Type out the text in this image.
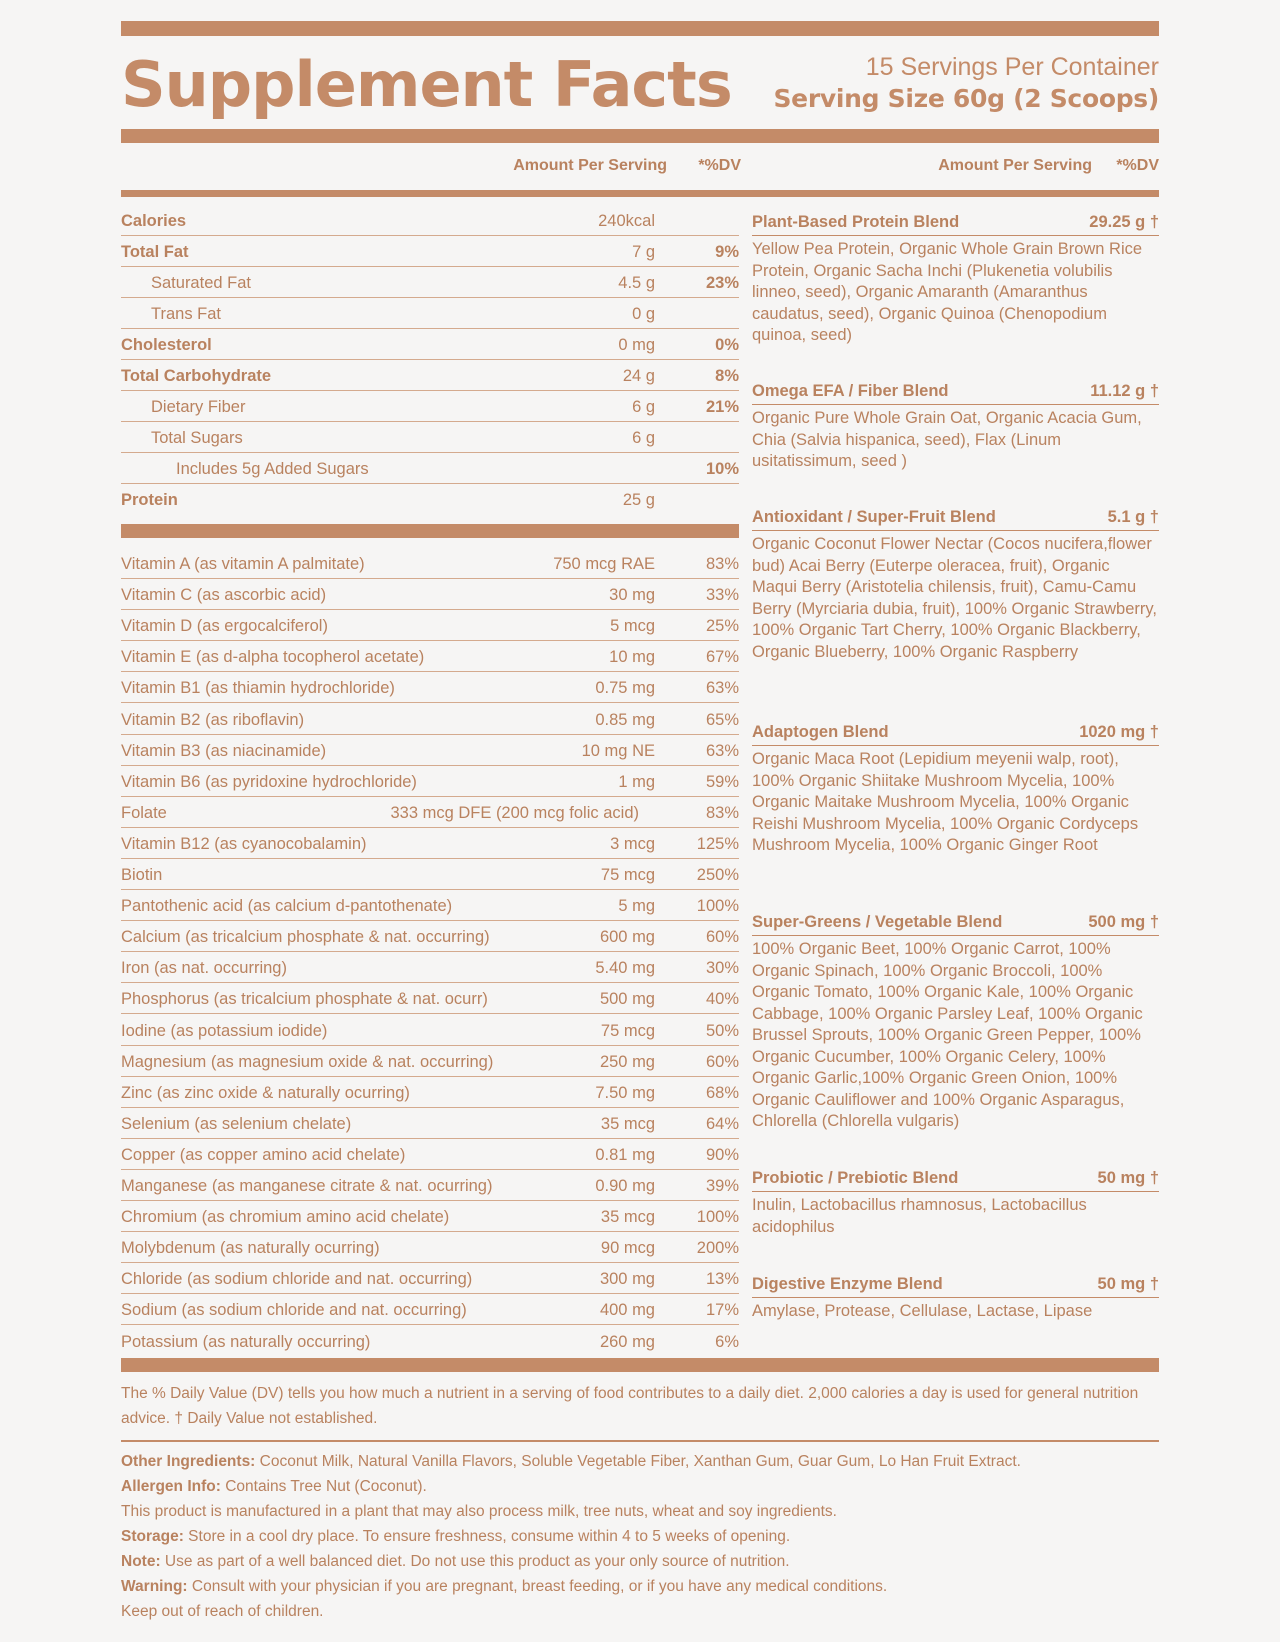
Supplement Facts	15 Servings Per Container
Serving Size 60g (2 Scoops)
Amount Per Serving *%DV	Amount Per Serving *%DV
Calories	240kcal
Total Fat	7 g	9%
Saturated Fat	4.5 g	23%
Trans Fat	0 g
Cholesterol	0 mg	0%
Total Carbohydrate	24 g	8%
Dietary Fiber	6 g	21%
Total Sugars	6 g
Includes 5g Added Sugars	10%
Protein	25 g
Vitamin A (as vitamin A palmitate)	750 mcg RAE	83%
Vitamin C (as ascorbic acid)	30 mg	33%
Vitamin D (as ergocalciferol)	5 mcg	25%
Vitamin E (as d-alpha tocopherol acetate)	10 mg	67%
Vitamin B1 (as thiamin hydrochloride)	0.75 mg	63%
Vitamin B2 (as riboflavin)	0.85 mg	65%
Vitamin B3 (as niacinamide)	10 mg NE	63%
Vitamin B6 (as pyridoxine hydrochloride)	1 mg	59%
Folate	333 mcg DFE (200 mcg folic acid)	83%
Vitamin B12 (as cyanocobalamin)	3 mcg	125%
Biotin	75 mcg	250%
Pantothenic acid (as calcium d-pantothenate)	5 mg	100%
Calcium (as tricalcium phosphate & nat. occurring)	600 mg	60%
Iron (as nat. occurring)	5.40 mg	30%
Phosphorus (as tricalcium phosphate & nat. ocurr)	500 mg	40%
Iodine (as potassium iodide)	75 mcg	50%
Magnesium (as magnesium oxide & nat. occurring)	250 mg	60%
Zinc (as zinc oxide & naturally ocurring)	7.50 mg	68%
Selenium (as selenium chelate)	35 mcg	64%
Copper (as copper amino acid chelate)	0.81 mg	90%
Manganese (as manganese citrate & nat. ocurring)	0.90 mg	39%
Chromium (as chromium amino acid chelate)	35 mcg	100%
Molybdenum (as naturally ocurring)	90 mcg	200%
Chloride (as sodium chloride and nat. occurring)	300 mg	13%
Sodium (as sodium chloride and nat. occurring)	400 mg	17%
Potassium (as naturally occurring)	260 mg	6%
Plant-Based Protein Blend	29.25 g †
Yellow Pea Protein, Organic Whole Grain Brown Rice Protein, Organic Sacha Inchi (Plukenetia volubilis linneo, seed), Organic Amaranth (Amaranthus caudatus, seed), Organic Quinoa (Chenopodium quinoa, seed)
Omega EFA / Fiber Blend	11.12 g †
Organic Pure Whole Grain Oat, Organic Acacia Gum, Chia (Salvia hispanica, seed), Flax (Linum usitatissimum, seed )
Antioxidant / Super-Fruit Blend	5.1 g †
Organic Coconut Flower Nectar (Cocos nucifera,flower bud) Acai Berry (Euterpe oleracea, fruit), Organic Maqui Berry (Aristotelia chilensis, fruit), Camu-Camu Berry (Myrciaria dubia, fruit), 100% Organic Strawberry, 100% Organic Tart Cherry, 100% Organic Blackberry, Organic Blueberry, 100% Organic Raspberry
Adaptogen Blend	1020 mg †
Organic Maca Root (Lepidium meyenii walp, root), 100% Organic Shiitake Mushroom Mycelia, 100% Organic Maitake Mushroom Mycelia, 100% Organic Reishi Mushroom Mycelia, 100% Organic Cordyceps Mushroom Mycelia, 100% Organic Ginger Root
Super-Greens / Vegetable Blend	500 mg †
100% Organic Beet, 100% Organic Carrot, 100% Organic Spinach, 100% Organic Broccoli, 100% Organic Tomato, 100% Organic Kale, 100% Organic Cabbage, 100% Organic Parsley Leaf, 100% Organic Brussel Sprouts, 100% Organic Green Pepper, 100% Organic Cucumber, 100% Organic Celery, 100% Organic Garlic,100% Organic Green Onion, 100% Organic Cauliflower and 100% Organic Asparagus, Chlorella (Chlorella vulgaris)
Probiotic / Prebiotic Blend	50 mg †
Inulin, Lactobacillus rhamnosus, Lactobacillus acidophilus
Digestive Enzyme Blend	50 mg †
Amylase, Protease, Cellulase, Lactase, Lipase
The % Daily Value (DV) tells you how much a nutrient in a serving of food contributes to a daily diet. 2,000 calories a day is used for general nutrition advice. † Daily Value not established.
Other Ingredients: Coconut Milk, Natural Vanilla Flavors, Soluble Vegetable Fiber, Xanthan Gum, Guar Gum, Lo Han Fruit Extract.
Allergen Info: Contains Tree Nut (Coconut).
This product is manufactured in a plant that may also process milk, tree nuts, wheat and soy ingredients.
Storage: Store in a cool dry place. To ensure freshness, consume within 4 to 5 weeks of opening.
Note: Use as part of a well balanced diet. Do not use this product as your only source of nutrition.
Warning: Consult with your physician if you are pregnant, breast feeding, or if you have any medical conditions.
Keep out of reach of children.
